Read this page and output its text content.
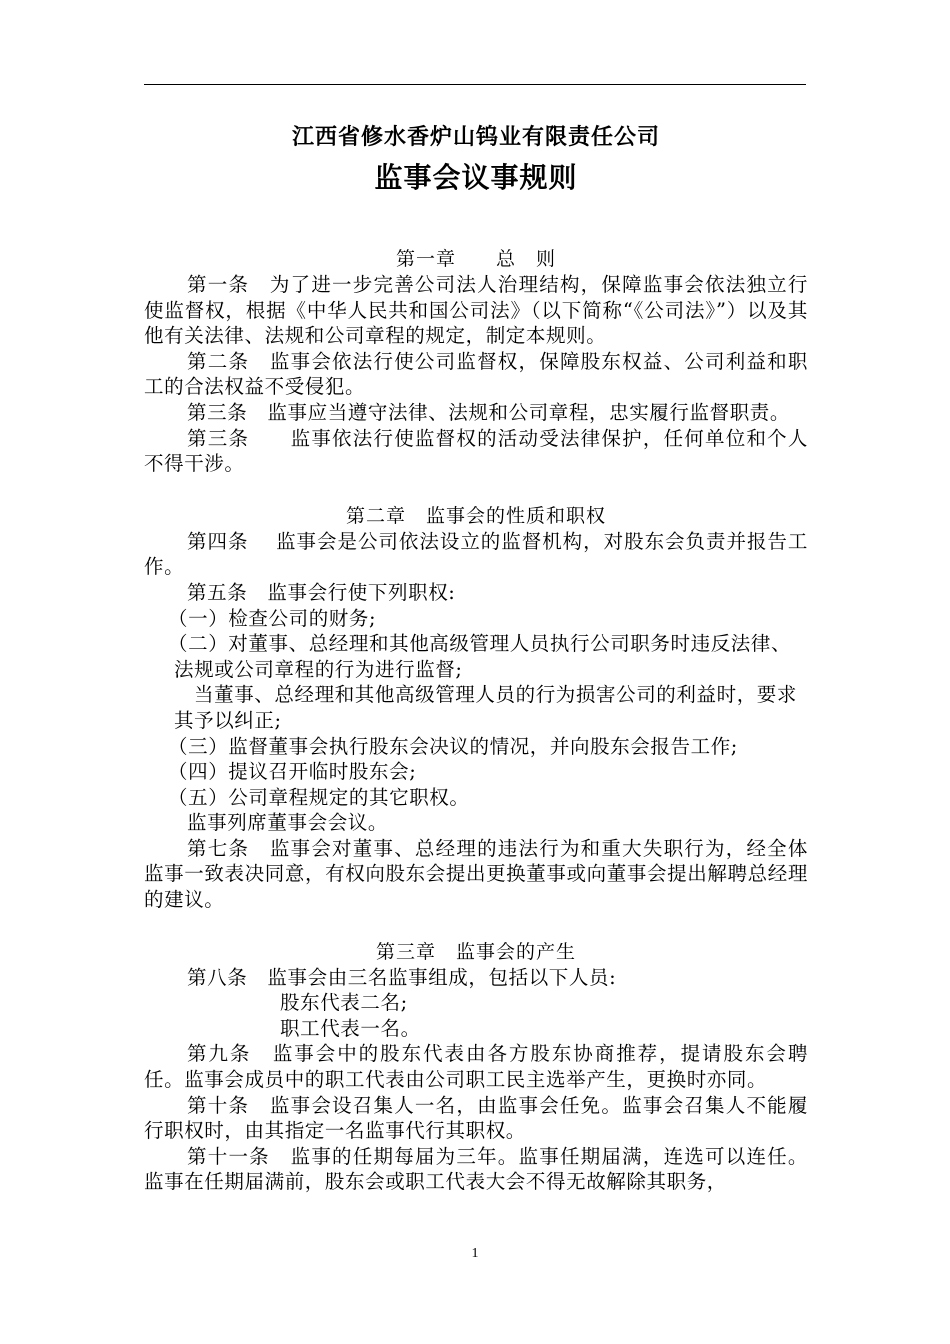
江西省修水香炉山钨业有限责任公司

监事会议事规则

第一章　　总　则

第一条　为了进一步完善公司法人治理结构，保障监事会依法独立行使监督权，根据《中华人民共和国公司法》（以下简称“《公司法》”）以及其他有关法律、法规和公司章程的规定，制定本规则。

第二条　监事会依法行使公司监督权，保障股东权益、公司利益和职工的合法权益不受侵犯。

第三条　监事应当遵守法律、法规和公司章程，忠实履行监督职责。

第三条　　监事依法行使监督权的活动受法律保护，任何单位和个人不得干涉。

第二章　监事会的性质和职权

第四条　 监事会是公司依法设立的监督机构，对股东会负责并报告工作。

第五条　监事会行使下列职权:

（一）检查公司的财务;

（二）对董事、总经理和其他高级管理人员执行公司职务时违反法律、法规或公司章程的行为进行监督;

当董事、总经理和其他高级管理人员的行为损害公司的利益时，要求其予以纠正;

（三）监督董事会执行股东会决议的情况，并向股东会报告工作;

（四）提议召开临时股东会;

（五）公司章程规定的其它职权。

监事列席董事会会议。

第七条　监事会对董事、总经理的违法行为和重大失职行为，经全体监事一致表决同意，有权向股东会提出更换董事或向董事会提出解聘总经理的建议。

第三章　监事会的产生

第八条　监事会由三名监事组成，包括以下人员:

股东代表二名;

职工代表一名。

第九条　监事会中的股东代表由各方股东协商推荐，提请股东会聘任。监事会成员中的职工代表由公司职工民主选举产生，更换时亦同。

第十条　监事会设召集人一名，由监事会任免。监事会召集人不能履行职权时，由其指定一名监事代行其职权。

第十一条　监事的任期每届为三年。监事任期届满，连选可以连任。监事在任期届满前，股东会或职工代表大会不得无故解除其职务，

1
